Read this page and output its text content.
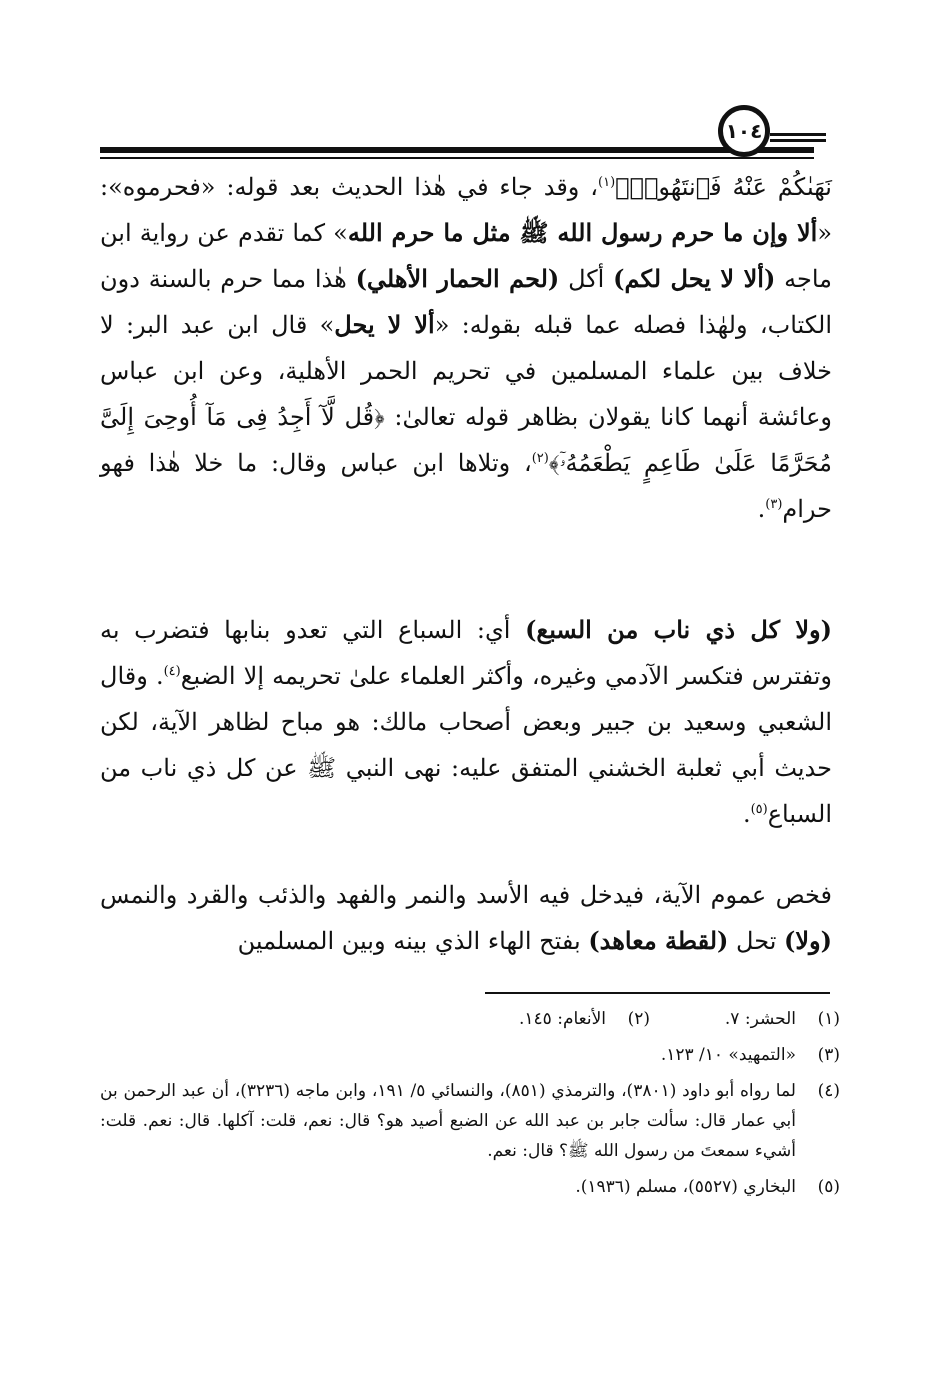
١٠٤

نَهَىٰكُمْ عَنْهُ فَٱنتَهُوا۟﴾$^{(١)}$، وقد جاء في هٰذا الحديث بعد قوله: «فحرموه»: «ألا وإن ما حرم رسول الله ﷺ مثل ما حرم الله» كما تقدم عن رواية ابن ماجه (ألا لا يحل لكم) أكل (لحم الحمار الأهلي) هٰذا مما حرم بالسنة دون الكتاب، ولهٰذا فصله عما قبله بقوله: «ألا لا يحل» قال ابن عبد البر: لا خلاف بين علماء المسلمين في تحريم الحمر الأهلية، وعن ابن عباس وعائشة أنهما كانا يقولان بظاهر قوله تعالىٰ: ﴿قُل لَّآ أَجِدُ فِى مَآ أُوحِىَ إِلَىَّ مُحَرَّمًا عَلَىٰ طَاعِمٍ يَطْعَمُهُۥٓ﴾$^{(٢)}$، وتلاها ابن عباس وقال: ما خلا هٰذا فهو حرام$^{(٣)}$.

(ولا كل ذي ناب من السبع) أي: السباع التي تعدو بنابها فتضرب به وتفترس فتكسر الآدمي وغيره، وأكثر العلماء علىٰ تحريمه إلا الضبع$^{(٤)}$. وقال الشعبي وسعيد بن جبير وبعض أصحاب مالك: هو مباح لظاهر الآية، لكن حديث أبي ثعلبة الخشني المتفق عليه: نهى النبي ﷺ عن كل ذي ناب من السباع$^{(٥)}$.

فخص عموم الآية، فيدخل فيه الأسد والنمر والفهد والذئب والقرد والنمس (ولا) تحل (لقطة معاهد) بفتح الهاء الذي بينه وبين المسلمين

(١)
الحشر: ٧.
(٢)
الأنعام: ١٤٥.
(٣)
«التمهيد» ١٠/ ١٢٣.
(٤)
لما رواه أبو داود (٣٨٠١)، والترمذي (٨٥١)، والنسائي ٥/ ١٩١، وابن ماجه (٣٢٣٦)، أن عبد الرحمن بن أبي عمار قال: سألت جابر بن عبد الله عن الضبع أصيد هو؟ قال: نعم، قلت: آكلها. قال: نعم. قلت: أشيء سمعتَ من رسول الله ﷺ؟ قال: نعم.
(٥)
البخاري (٥٥٢٧)، مسلم (١٩٣٦).
